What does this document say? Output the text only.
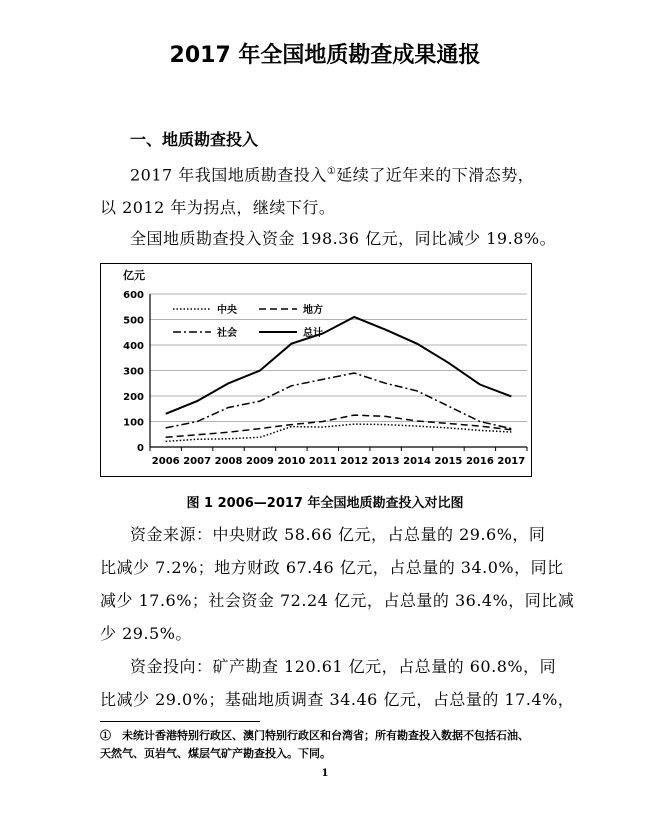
2017 年全国地质勘查成果通报
一、地质勘查投入
2017 年我国地质勘查投入①延续了近年来的下滑态势，
以 2012 年为拐点，继续下行。
全国地质勘查投入资金 198.36 亿元，同比减少 19.8%。
亿元
0
100
200
300
400
500
600
2006 2007 2008 2009 2010 2011 2012 2013 2014 2015 2016 2017
中央	地方
社会	总计
图 1 2006—2017 年全国地质勘查投入对比图
资金来源：中央财政 58.66 亿元，占总量的 29.6%，同
比减少 7.2%；地方财政 67.46 亿元，占总量的 34.0%，同比
减少 17.6%；社会资金 72.24 亿元，占总量的 36.4%，同比减
少 29.5%。
资金投向：矿产勘查 120.61 亿元，占总量的 60.8%，同
比减少 29.0%；基础地质调查 34.46 亿元，占总量的 17.4%，
①　未统计香港特别行政区、澳门特别行政区和台湾省；所有勘查投入数据不包括石油、
天然气、页岩气、煤层气矿产勘查投入。下同。
1
